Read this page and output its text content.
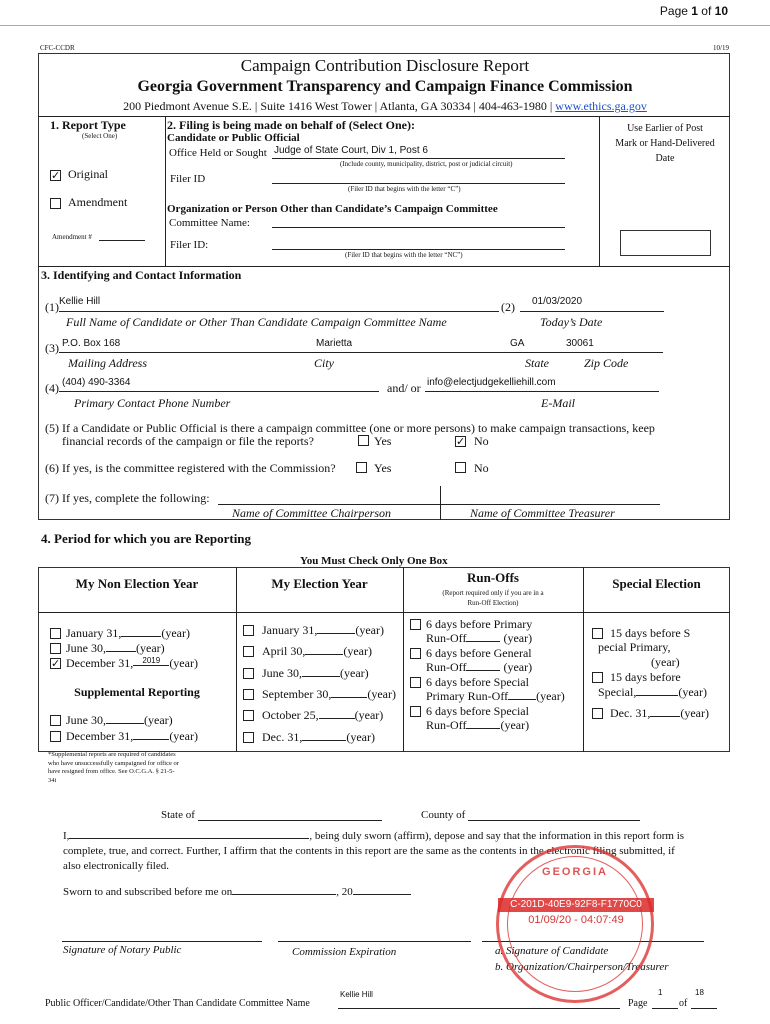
Page 1 of 10
CFC-CCDR	10/19
Campaign Contribution Disclosure Report
Georgia Government Transparency and Campaign Finance Commission
200 Piedmont Avenue S.E. | Suite 1416 West Tower | Atlanta, GA 30334 | 404-463-1980 | www.ethics.ga.gov
1. Report Type
(Select One)
✓ Original
Amendment
Amendment #
2. Filing is being made on behalf of (Select One):
Candidate or Public Official
Office Held or Sought Judge of State Court, Div 1, Post 6
(Include county, municipality, district, post or judicial circuit)
Filer ID
(Filer ID that begins with the letter “C”)
Organization or Person Other than Candidate’s Campaign Committee
Committee Name:
Filer ID:
(Filer ID that begins with the letter “NC”)
Use Earlier of Post
Mark or Hand-Delivered
Date
3. Identifying and Contact Information
(1) Kellie Hill	(2) 01/03/2020
Full Name of Candidate or Other Than Candidate Campaign Committee Name	Today’s Date
(3) P.O. Box 168	Marietta	GA	30061
Mailing Address	City	State	Zip Code
(4) (404) 490-3364	and/ or info@electjudgekelliehill.com
Primary Contact Phone Number	E-Mail
(5) If a Candidate or Public Official is there a campaign committee (one or more persons) to make campaign transactions, keep
financial records of the campaign or file the reports?	Yes	✓ No
(6) If yes, is the committee registered with the Commission?	Yes	No
(7) If yes, complete the following:
Name of Committee Chairperson	Name of Committee Treasurer
4. Period for which you are Reporting
You Must Check Only One Box
My Non Election Year	My Election Year	Run-Offs
(Report required only if you are in a
Run-Off Election)
Special Election
January 31,	(year)
June 30,	(year)
✓ December 31, 2019 (year)
Supplemental Reporting
June 30,	(year)
December 31,	(year)
*Supplemental reports are required of candidates
who have unsuccessfully campaigned for office or
have resigned from office. See O.C.G.A. § 21-5-
34i
January 31,	(year)
April 30,	(year)
June 30,	(year)
September 30,	(year)
October 25,	(year)
Dec. 31,	(year)
6 days before Primary
Run-Off	(year)
6 days before General
Run-Off	(year)
6 days before Special
Primary Run-Off (year)
6 days before Special
Run-Off	(year)
15 days before S
pecial Primary,
(year)
15 days before
Special,	(year)
Dec. 31,	(year)
State of	County of
I,	, being duly sworn (affirm), depose and say that the information in this report form is
complete, true, and correct. Further, I affirm that the contents in this report are the same as the contents in the electronic filing submitted, if
also electronically filed.
Sworn to and subscribed before me on	, 20
Signature of Notary Public	Commission Expiration	a. Signature of Candidate
b. Organization/Chairperson/Treasurer
Public Officer/Candidate/Other Than Candidate Committee Name
Kellie Hill
Page
1
of
18
GEORGIA
C-201D-40E9-92F8-F1770C0
01/09/20 - 04:07:49
